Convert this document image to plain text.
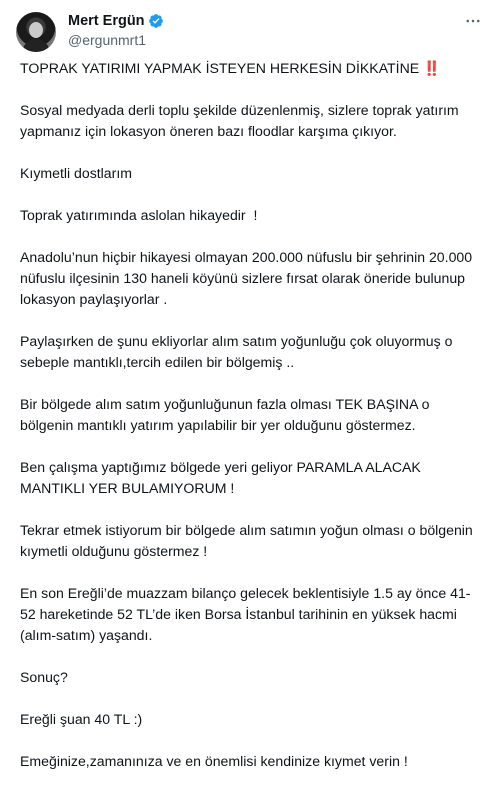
Mert Ergün
@ergunmrt1

TOPRAK YATIRIMI YAPMAK İSTEYEN HERKESİN DİKKATİNE ‼️

Sosyal medyada derli toplu şekilde düzenlenmiş, sizlere toprak yatırım yapmanız için lokasyon öneren bazı floodlar karşıma çıkıyor.

Kıymetli dostlarım

Toprak yatırımında aslolan hikayedir  !

Anadolu’nun hiçbir hikayesi olmayan 200.000 nüfuslu bir şehrinin 20.000 nüfuslu ilçesinin 130 haneli köyünü sizlere fırsat olarak öneride bulunup lokasyon paylaşıyorlar .

Paylaşırken de şunu ekliyorlar alım satım yoğunluğu çok oluyormuş o sebeple mantıklı,tercih edilen bir bölgemiş ..

Bir bölgede alım satım yoğunluğunun fazla olması TEK BAŞINA o bölgenin mantıklı yatırım yapılabilir bir yer olduğunu göstermez.

Ben çalışma yaptığımız bölgede yeri geliyor PARAMLA ALACAK MANTIKLI YER BULAMIYORUM !

Tekrar etmek istiyorum bir bölgede alım satımın yoğun olması o bölgenin kıymetli olduğunu göstermez !

En son Ereğli’de muazzam bilanço gelecek beklentisiyle 1.5 ay önce 41-52 hareketinde 52 TL’de iken Borsa İstanbul tarihinin en yüksek hacmi (alım-satım) yaşandı.

Sonuç?

Ereğli şuan 40 TL :)

Emeğinize,zamanınıza ve en önemlisi kendinize kıymet verin !
